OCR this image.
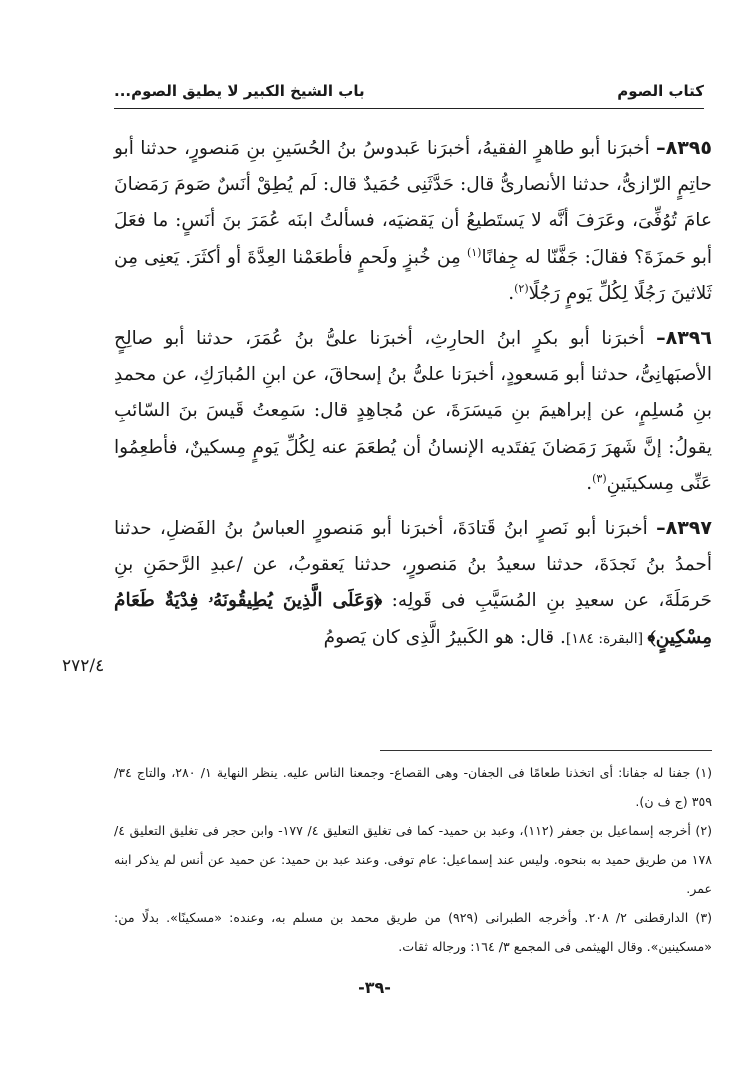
كتاب الصوم
باب الشيخ الكبير لا يطيق الصوم...

٨٣٩٥– أخبرَنا أبو طاهرٍ الفقيهُ، أخبرَنا عَبدوسُ بنُ الحُسَينِ بنِ مَنصورٍ، حدثنا أبو حاتِمٍ الرّازىُّ، حدثنا الأنصارىُّ قال: حَدَّثَنِى حُمَيدٌ قال: لَم يُطِقْ أنَسٌ صَومَ رَمَضانَ عامَ تُوُفِّىَ، وعَرَفَ أنَّه لا يَستَطيعُ أن يَقضيَه، فسألتُ ابنَه عُمَرَ بنَ أنَسٍ: ما فعَلَ أبو حَمزَةَ؟ فقالَ: جَفَّنّا له جِفانًا$^{(١)}$ مِن خُبزٍ ولَحمٍ فأطعَمْنا العِدَّةَ أو أكثَرَ. يَعنِى مِن ثَلاثينَ رَجُلًا لِكُلِّ يَومٍ رَجُلًا$^{(٢)}$.

٨٣٩٦– أخبرَنا أبو بكرٍ ابنُ الحارِثِ، أخبرَنا علىُّ بنُ عُمَرَ، حدثنا أبو صالِحٍ الأصبَهانِىُّ، حدثنا أبو مَسعودٍ، أخبرَنا علىُّ بنُ إسحاقَ، عن ابنِ المُبارَكِ، عن محمدِ بنِ مُسلِمٍ، عن إبراهيمَ بنِ مَيسَرَةَ، عن مُجاهِدٍ قال: سَمِعتُ قَيسَ بنَ السّائبِ يقولُ: إنَّ شَهرَ رَمَضانَ يَفتَديه الإنسانُ أن يُطعَمَ عنه لِكُلِّ يَومٍ مِسكينٌ، فأطعِمُوا عَنِّى مِسكينَينِ$^{(٣)}$.

٨٣٩٧– أخبرَنا أبو نَصرٍ ابنُ قَتادَةَ، أخبرَنا أبو مَنصورٍ العباسُ بنُ الفَضلِ، حدثنا أحمدُ بنُ نَجدَةَ، حدثنا سعيدُ بنُ مَنصورٍ، حدثنا يَعقوبُ، عن /عبدِ الرَّحمَنِ بنِ حَرمَلَةَ، عن سعيدِ بنِ المُسَيَّبِ فى قَولِه: ﴿وَعَلَى الَّذِينَ يُطِيقُونَهُۥ فِدْيَةٌ طَعَامُ مِسْكِينٍ﴾ [البقرة: ١٨٤]. قال: هو الكَبيرُ الَّذِى كان يَصومُ

٢٧٢/٤

(١) جفنا له جفانا: أى اتخذنا طعامًا فى الجفان- وهى القصاع- وجمعنا الناس عليه. ينظر النهاية ١/ ٢٨٠، والتاج ٣٤/ ٣٥٩ (ج ف ن).

(٢) أخرجه إسماعيل بن جعفر (١١٢)، وعبد بن حميد- كما فى تغليق التعليق ٤/ ١٧٧- وابن حجر فى تغليق التعليق ٤/ ١٧٨ من طريق حميد به بنحوه. وليس عند إسماعيل: عام توفى. وعند عبد بن حميد: عن حميد عن أنس لم يذكر ابنه عمر.

(٣) الدارقطنى ٢/ ٢٠٨. وأخرجه الطبرانى (٩٢٩) من طريق محمد بن مسلم به، وعنده: «مسكينًا». بدلًا من: «مسكينين». وقال الهيثمى فى المجمع ٣/ ١٦٤: ورجاله ثقات.

-٣٩-
